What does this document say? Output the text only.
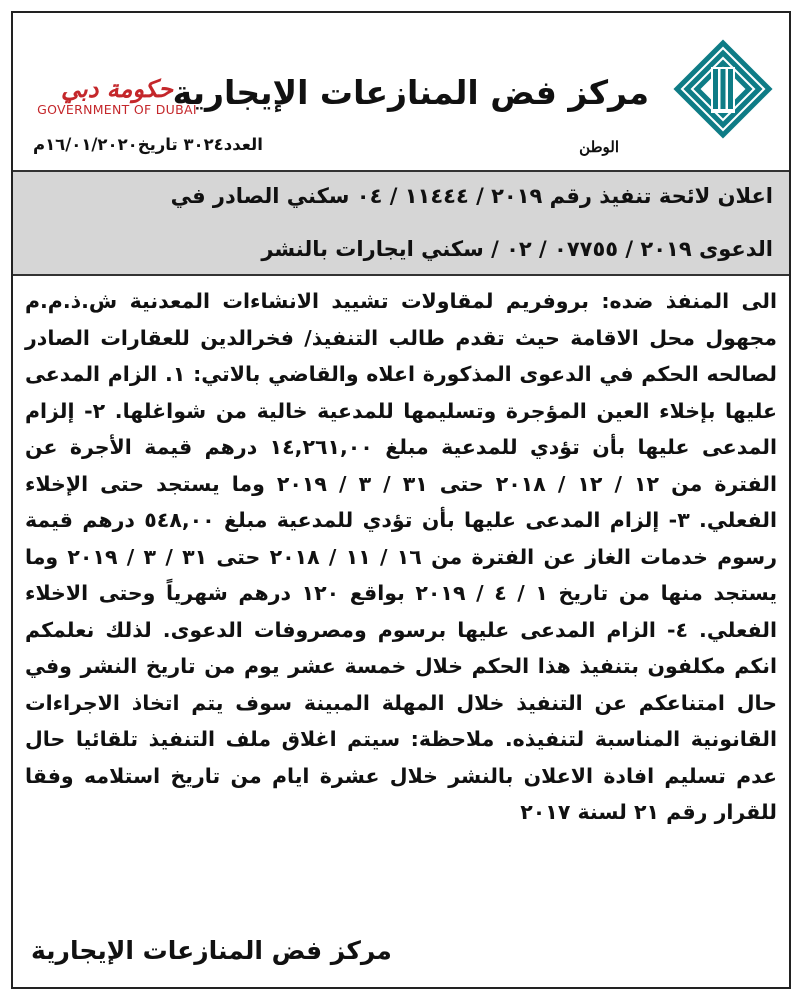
مركز فض المنازعات الإيجارية
حكومة دبي
GOVERNMENT OF DUBAI
الوطن
العدد٣٠٢٤ تاريخ١٦/٠١/٢٠٢٠م
اعلان لائحة تنفيذ رقم ٢٠١٩ / ١١٤٤٤ / ٠٤ سكني الصادر في
الدعوى ٢٠١٩ / ٠٧٧٥٥ / ٠٢ / سكني ايجارات بالنشر
الى المنفذ ضده: بروفريم لمقاولات تشييد الانشاءات المعدنية ش.ذ.م.م مجهول محل الاقامة حيث تقدم طالب التنفيذ/ فخرالدين للعقارات الصادر لصالحه الحكم في الدعوى المذكورة اعلاه والقاضي بالاتي: ١. الزام المدعى عليها بإخلاء العين المؤجرة وتسليمها للمدعية خالية من شواغلها. ٢- إلزام المدعى عليها بأن تؤدي للمدعية مبلغ ١٤,٢٦١,٠٠ درهم قيمة الأجرة عن الفترة من ١٢ / ١٢ / ٢٠١٨ حتى ٣١ / ٣ / ٢٠١٩ وما يستجد حتى الإخلاء الفعلي. ٣- إلزام المدعى عليها بأن تؤدي للمدعية مبلغ ٥٤٨,٠٠ درهم قيمة رسوم خدمات الغاز عن الفترة من ١٦ / ١١ / ٢٠١٨ حتى ٣١ / ٣ / ٢٠١٩ وما يستجد منها من تاريخ ١ / ٤ / ٢٠١٩ بواقع ١٢٠ درهم شهرياً وحتى الاخلاء الفعلي. ٤- الزام المدعى عليها برسوم ومصروفات الدعوى. لذلك نعلمكم انكم مكلفون بتنفيذ هذا الحكم خلال خمسة عشر يوم من تاريخ النشر وفي حال امتناعكم عن التنفيذ خلال المهلة المبينة سوف يتم اتخاذ الاجراءات القانونية المناسبة لتنفيذه. ملاحظة: سيتم اغلاق ملف التنفيذ تلقائيا حال عدم تسليم افادة الاعلان بالنشر خلال عشرة ايام من تاريخ استلامه وفقا للقرار رقم ٢١ لسنة ٢٠١٧
مركز فض المنازعات الإيجارية
